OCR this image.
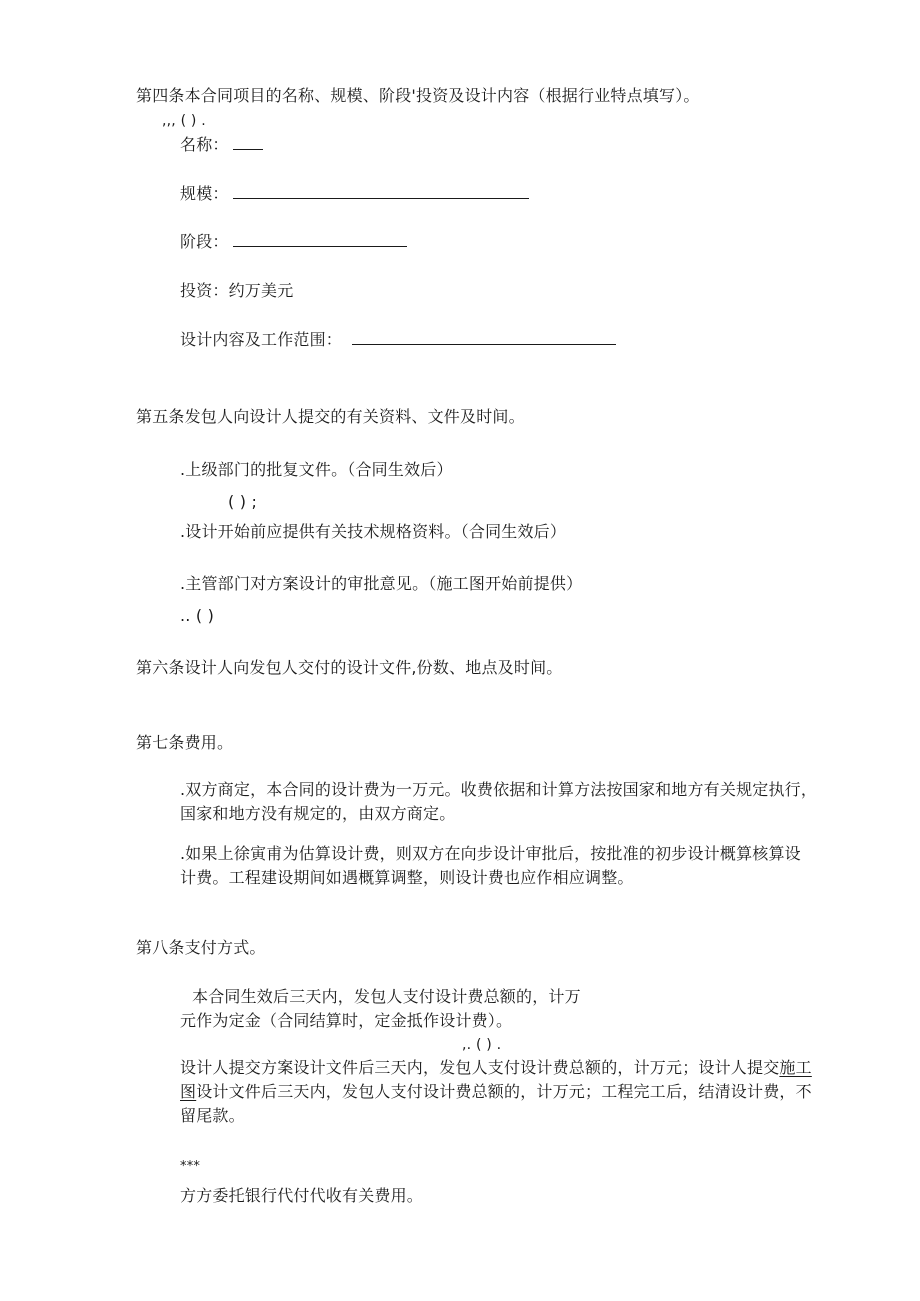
第四条本合同项目的名称、规模、阶段'投资及设计内容（根据行业特点填写）。
,,, ( ) .
名称：
规模：
阶段：
投资：约万美元
设计内容及工作范围：
第五条发包人向设计人提交的有关资料、文件及时间。
.上级部门的批复文件。（合同生效后）
( ) ;
.设计开始前应提供有关技术规格资料。（合同生效后）
.主管部门对方案设计的审批意见。（施工图开始前提供）
.. ( )
第六条设计人向发包人交付的设计文件,份数、地点及时间。
第七条费用。
.双方商定，本合同的设计费为一万元。收费依据和计算方法按国家和地方有关规定执行，
国家和地方没有规定的，由双方商定。
.如果上徐寅甫为估算设计费，则双方在向步设计审批后，按批准的初步设计概算核算设
计费。工程建设期间如遇概算调整，则设计费也应作相应调整。
第八条支付方式。
本合同生效后三天内，发包人支付设计费总额的，计万
元作为定金（合同结算时，定金抵作设计费）。
,. ( ) .
设计人提交方案设计文件后三天内，发包人支付设计费总额的，计万元；设计人提交施工
图设计文件后三天内，发包人支付设计费总额的，计万元；工程完工后，结清设计费，不
留尾款。
***
方方委托银行代付代收有关费用。
